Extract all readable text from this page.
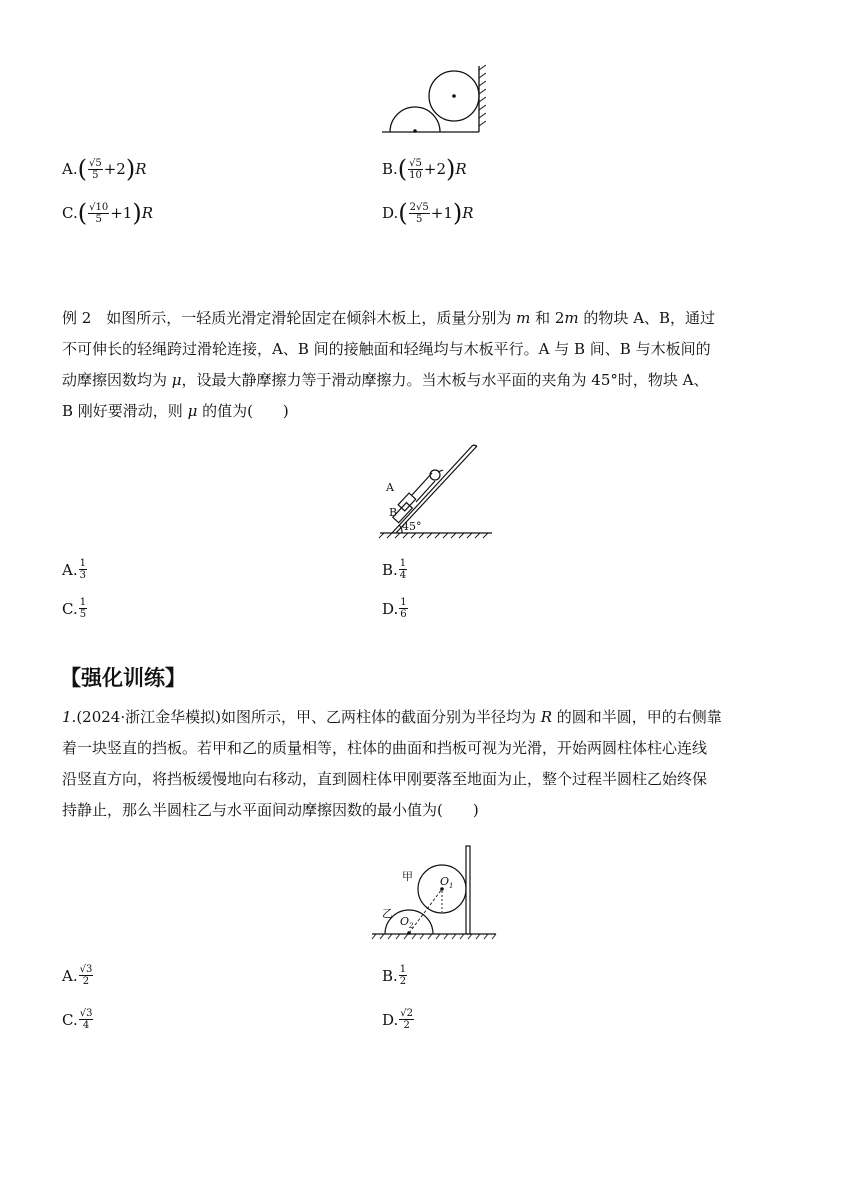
A. ( $\frac{√5}{5} +2$ ) R	B. ( $\frac{√5}{10} +2$ ) R
C. ( $\frac{√10}{5} +1$ ) R	D. ( $\frac{2√5}{5} +1$ ) R

例 2　如图所示，一轻质光滑定滑轮固定在倾斜木板上，质量分别为 m 和 2m 的物块 A、B，通过

不可伸长的轻绳跨过滑轮连接，A、B 间的接触面和轻绳均与木板平行。A 与 B 间、B 与木板间的

动摩擦因数均为 μ，设最大静摩擦力等于滑动摩擦力。当木板与水平面的夹角为 45°时，物块 A、

B 刚好要滑动，则 μ 的值为(　　)

A
B
45°
A. $\frac{1}{3}$	B. $\frac{1}{4}$
C. $\frac{1}{5}$	D. $\frac{1}{6}$
【强化训练】

1.(2024·浙江金华模拟)如图所示，甲、乙两柱体的截面分别为半径均为 R 的圆和半圆，甲的右侧靠

着一块竖直的挡板。若甲和乙的质量相等，柱体的曲面和挡板可视为光滑，开始两圆柱体柱心连线

沿竖直方向，将挡板缓慢地向右移动，直到圆柱体甲刚要落至地面为止，整个过程半圆柱乙始终保

持静止，那么半圆柱乙与水平面间动摩擦因数的最小值为(　　)

甲
乙
$O_1$
$O_2$
A. $\frac{√3}{2}$	B. $\frac{1}{2}$
C. $\frac{√3}{4}$	D. $\frac{√2}{2}$
